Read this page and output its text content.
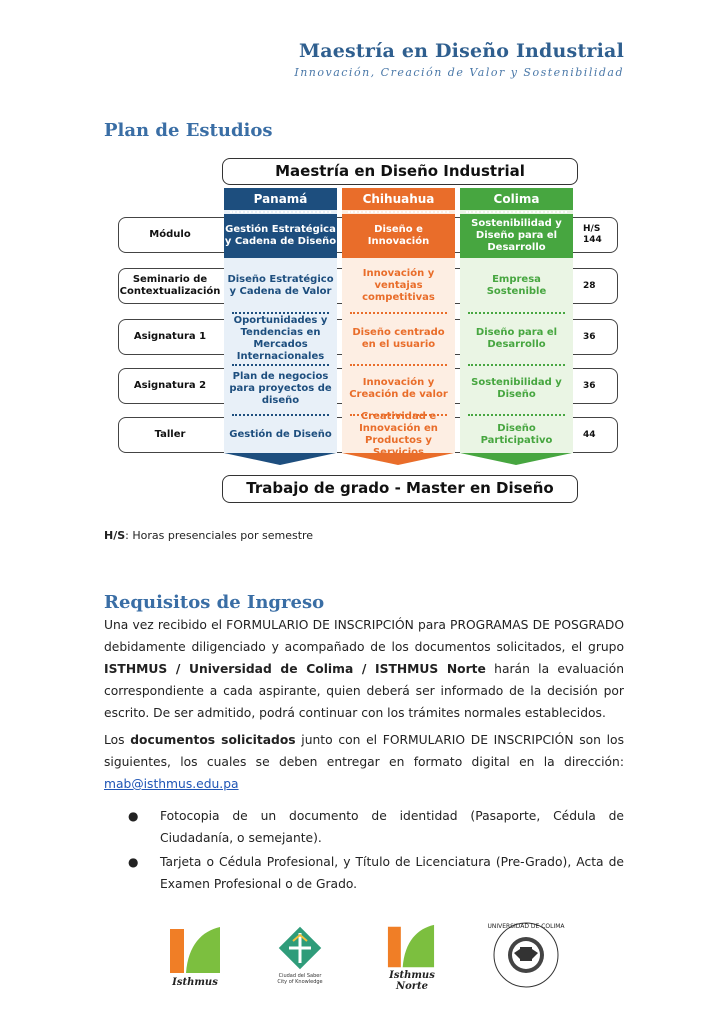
Maestría en Diseño Industrial
Innovación, Creación de Valor y Sostenibilidad
Plan de Estudios
Maestría en Diseño Industrial
Panamá
Gestión Estratégica y Cadena de Diseño
Diseño Estratégico y Cadena de Valor
Oportunidades y Tendencias en Mercados Internacionales
Plan de negocios para proyectos de diseño
Gestión de Diseño
Chihuahua
Diseño e Innovación
Innovación y ventajas competitivas
Diseño centrado en el usuario
Innovación y Creación de valor
Creatividad e Innovación en Productos y Servicios
Colima
Sostenibilidad y Diseño para el Desarrollo
Empresa Sostenible
Diseño para el Desarrollo
Sostenibilidad y Diseño
Diseño Participativo
Módulo
Seminario de Contextualización
Asignatura 1
Asignatura 2
Taller
H/S 144
28
36
36
44
Trabajo de grado - Master en Diseño
H/S: Horas presenciales por semestre
Requisitos de Ingreso
Una vez recibido el FORMULARIO DE INSCRIPCIÓN para PROGRAMAS DE POSGRADO debidamente diligenciado y acompañado de los documentos solicitados, el grupo ISTHMUS / Universidad de Colima / ISTHMUS Norte harán la evaluación correspondiente a cada aspirante, quien deberá ser informado de la decisión por escrito. De ser admitido, podrá continuar con los trámites normales establecidos.
Los documentos solicitados junto con el FORMULARIO DE INSCRIPCIÓN son los siguientes, los cuales se deben entregar en formato digital en la dirección: mab@isthmus.edu.pa
● Fotocopia de un documento de identidad (Pasaporte, Cédula de Ciudadanía, o semejante).
● Tarjeta o Cédula Profesional, y Título de Licenciatura (Pre-Grado), Acta de Examen Profesional o de Grado.
Isthmus
Ciudad del Saber
City of Knowledge
Isthmus
Norte
UNIVERSIDAD DE COLIMA
